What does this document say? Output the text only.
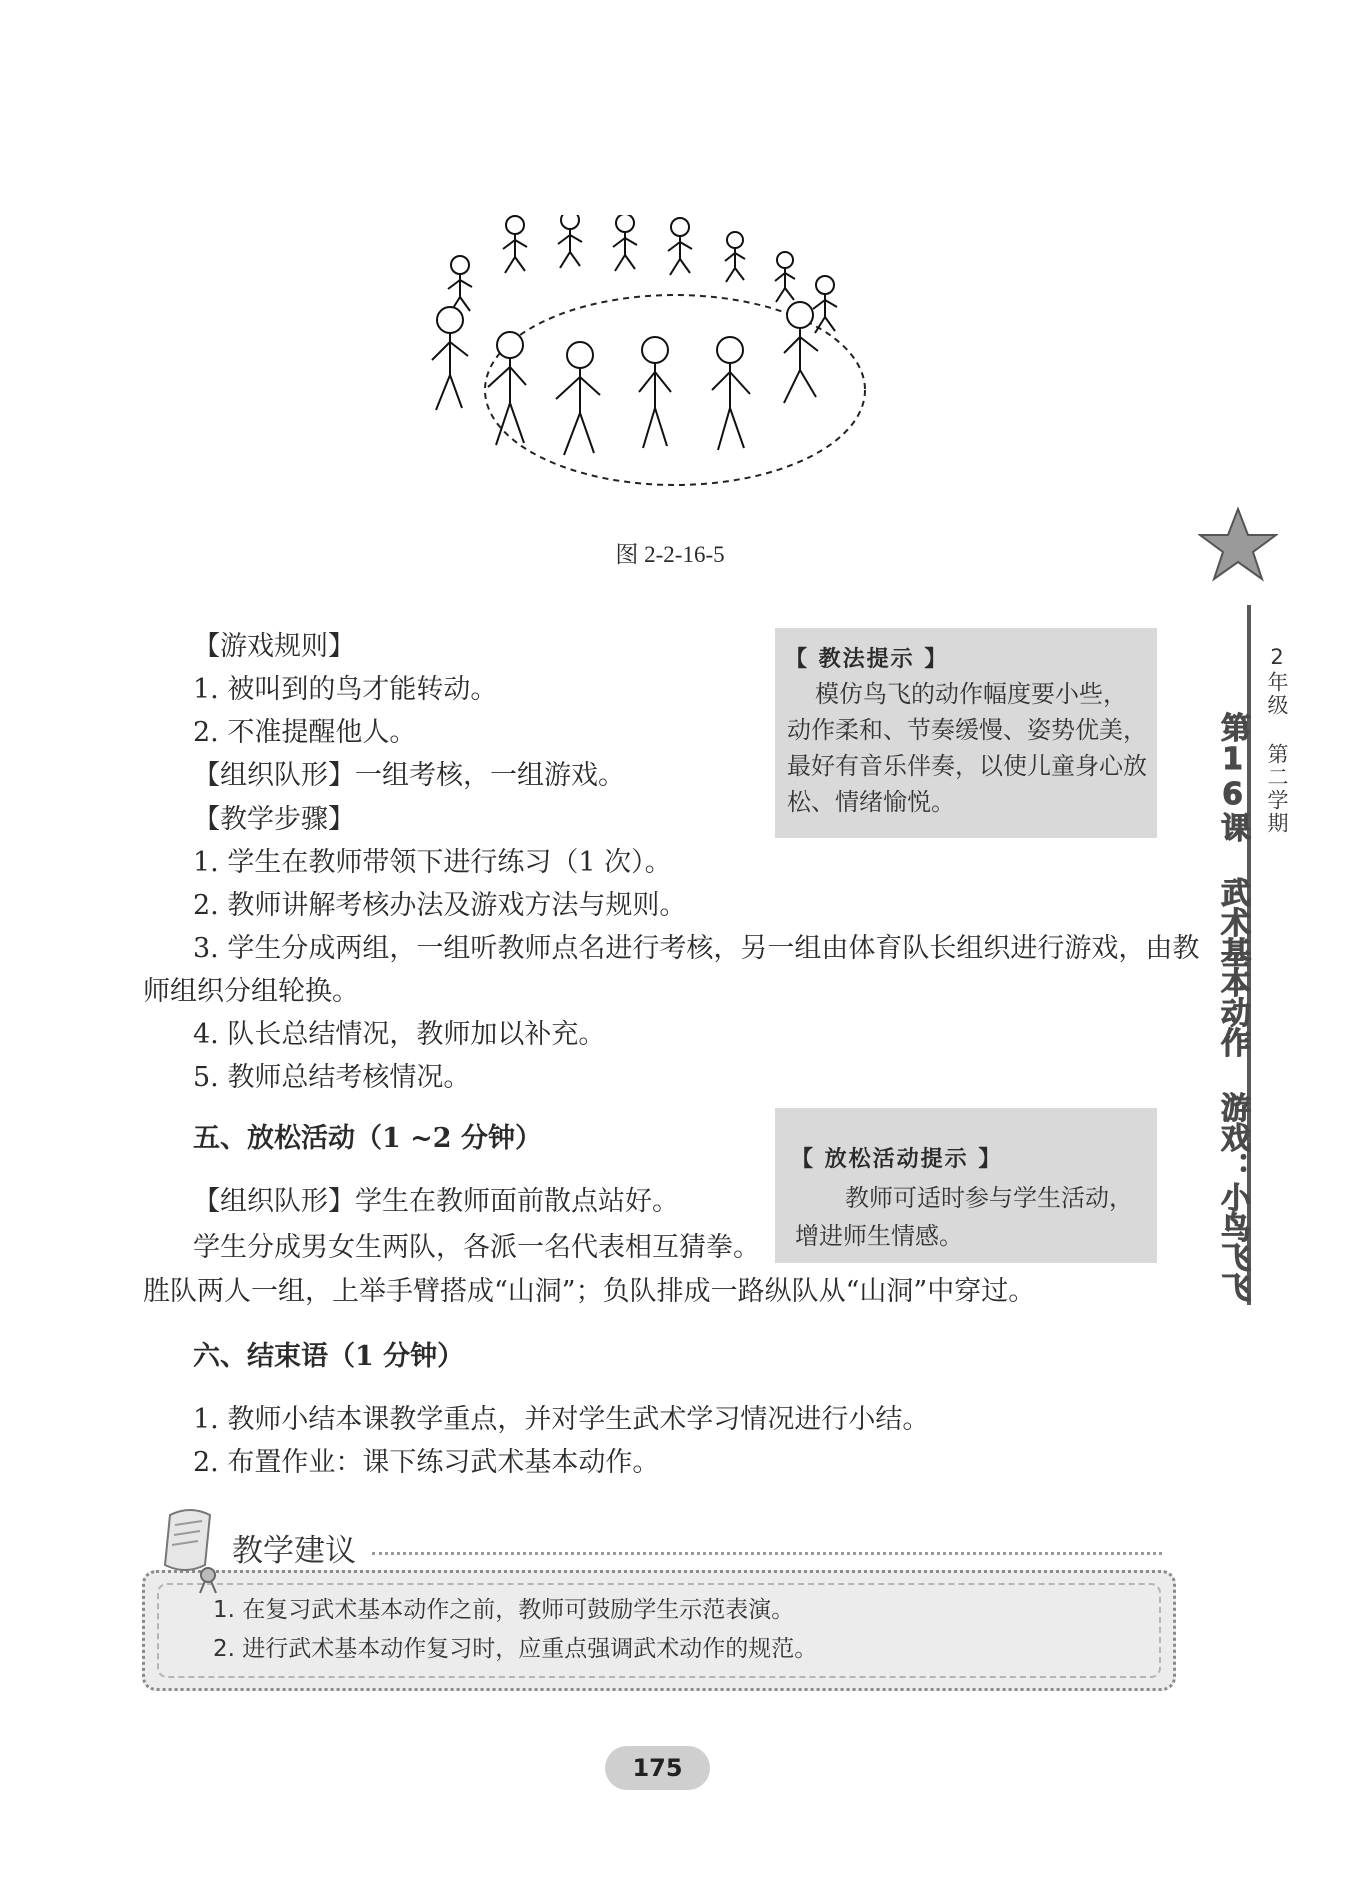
图 2-2-16-5
【游戏规则】
1. 被叫到的鸟才能转动。
2. 不准提醒他人。
【组织队形】一组考核，一组游戏。
【教学步骤】
1. 学生在教师带领下进行练习（1 次）。
2. 教师讲解考核办法及游戏方法与规则。
3. 学生分成两组，一组听教师点名进行考核，另一组由体育队长组织进行游戏，由教
师组织分组轮换。
4. 队长总结情况，教师加以补充。
5. 教师总结考核情况。
【 教法提示 】
模仿鸟飞的动作幅度要小些，
动作柔和、节奏缓慢、姿势优美，
最好有音乐伴奏，以使儿童身心放
松、情绪愉悦。
五、放松活动（1 ~2 分钟）
【组织队形】学生在教师面前散点站好。
学生分成男女生两队，各派一名代表相互猜拳。
胜队两人一组，上举手臂搭成“山洞”；负队排成一路纵队从“山洞”中穿过。
【 放松活动提示 】
教师可适时参与学生活动，
增进师生情感。
六、结束语（1 分钟）
1. 教师小结本课教学重点，并对学生武术学习情况进行小结。
2. 布置作业：课下练习武术基本动作。
教学建议
1. 在复习武术基本动作之前，教师可鼓励学生示范表演。
2. 进行武术基本动作复习时，应重点强调武术动作的规范。
2年级 第二学期
第16课 武术基本动作 游戏：小鸟飞飞
175
